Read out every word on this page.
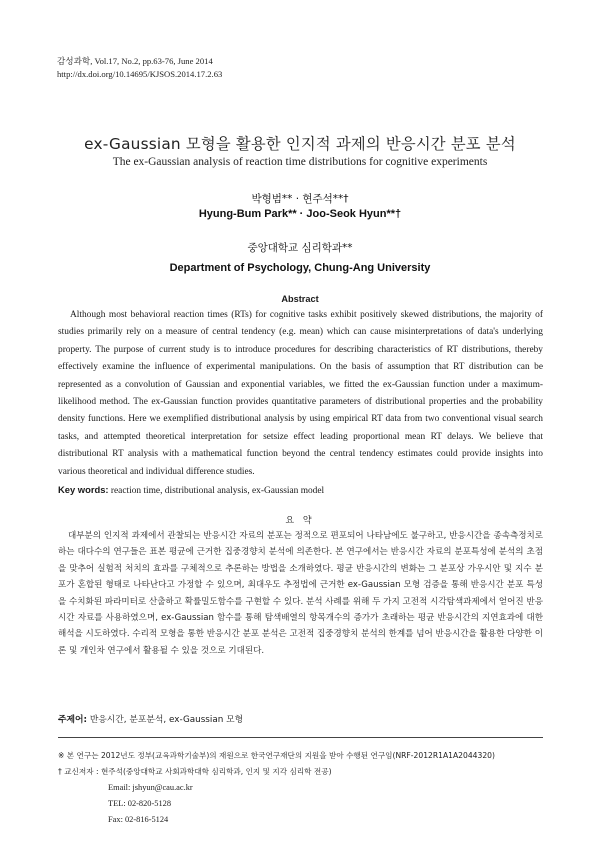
감성과학, Vol.17, No.2, pp.63-76, June 2014
http://dx.doi.org/10.14695/KJSOS.2014.17.2.63
ex-Gaussian 모형을 활용한 인지적 과제의 반응시간 분포 분석
The ex-Gaussian analysis of reaction time distributions for cognitive experiments
박형범** · 현주석**†
Hyung-Bum Park** · Joo-Seok Hyun**†
중앙대학교 심리학과**
Department of Psychology, Chung-Ang University
Abstract

Although most behavioral reaction times (RTs) for cognitive tasks exhibit positively skewed distributions, the majority of studies primarily rely on a measure of central tendency (e.g. mean) which can cause misinterpretations of data's underlying property. The purpose of current study is to introduce procedures for describing characteristics of RT distributions, thereby effectively examine the influence of experimental manipulations. On the basis of assumption that RT distribution can be represented as a convolution of Gaussian and exponential variables, we fitted the ex-Gaussian function under a maximum-likelihood method. The ex-Gaussian function provides quantitative parameters of distributional properties and the probability density functions. Here we exemplified distributional analysis by using empirical RT data from two conventional visual search tasks, and attempted theoretical interpretation for setsize effect leading proportional mean RT delays. We believe that distributional RT analysis with a mathematical function beyond the central tendency estimates could provide insights into various theoretical and individual difference studies.

Key words: reaction time, distributional analysis, ex-Gaussian model
요 약

대부분의 인지적 과제에서 관찰되는 반응시간 자료의 분포는 정적으로 편포되어 나타남에도 불구하고, 반응시간을 종속측정치로 하는 대다수의 연구들은 표본 평균에 근거한 집중경향치 분석에 의존한다. 본 연구에서는 반응시간 자료의 분포특성에 분석의 초점을 맞추어 실험적 처치의 효과를 구체적으로 추론하는 방법을 소개하였다. 평균 반응시간의 변화는 그 분포상 가우시안 및 지수 분포가 혼합된 형태로 나타난다고 가정할 수 있으며, 최대우도 추정법에 근거한 ex-Gaussian 모형 검증을 통해 반응시간 분포 특성을 수치화된 파라미터로 산출하고 확률밀도함수를 구현할 수 있다. 분석 사례를 위해 두 가지 고전적 시각탐색과제에서 얻어진 반응시간 자료를 사용하였으며, ex-Gaussian 함수를 통해 탐색배열의 항목개수의 증가가 초래하는 평균 반응시간의 지연효과에 대한 해석을 시도하였다. 수리적 모형을 통한 반응시간 분포 분석은 고전적 집중경향치 분석의 한계를 넘어 반응시간을 활용한 다양한 이론 및 개인차 연구에서 활용될 수 있을 것으로 기대된다.

주제어: 반응시간, 분포분석, ex-Gaussian 모형
※ 본 연구는 2012년도 정부(교육과학기술부)의 재원으로 한국연구재단의 지원을 받아 수행된 연구임(NRF-2012R1A1A2044320)
† 교신저자 : 현주석(중앙대학교 사회과학대학 심리학과, 인지 및 지각 심리학 전공)
Email: jshyun@cau.ac.kr
TEL: 02-820-5128
Fax: 02-816-5124
